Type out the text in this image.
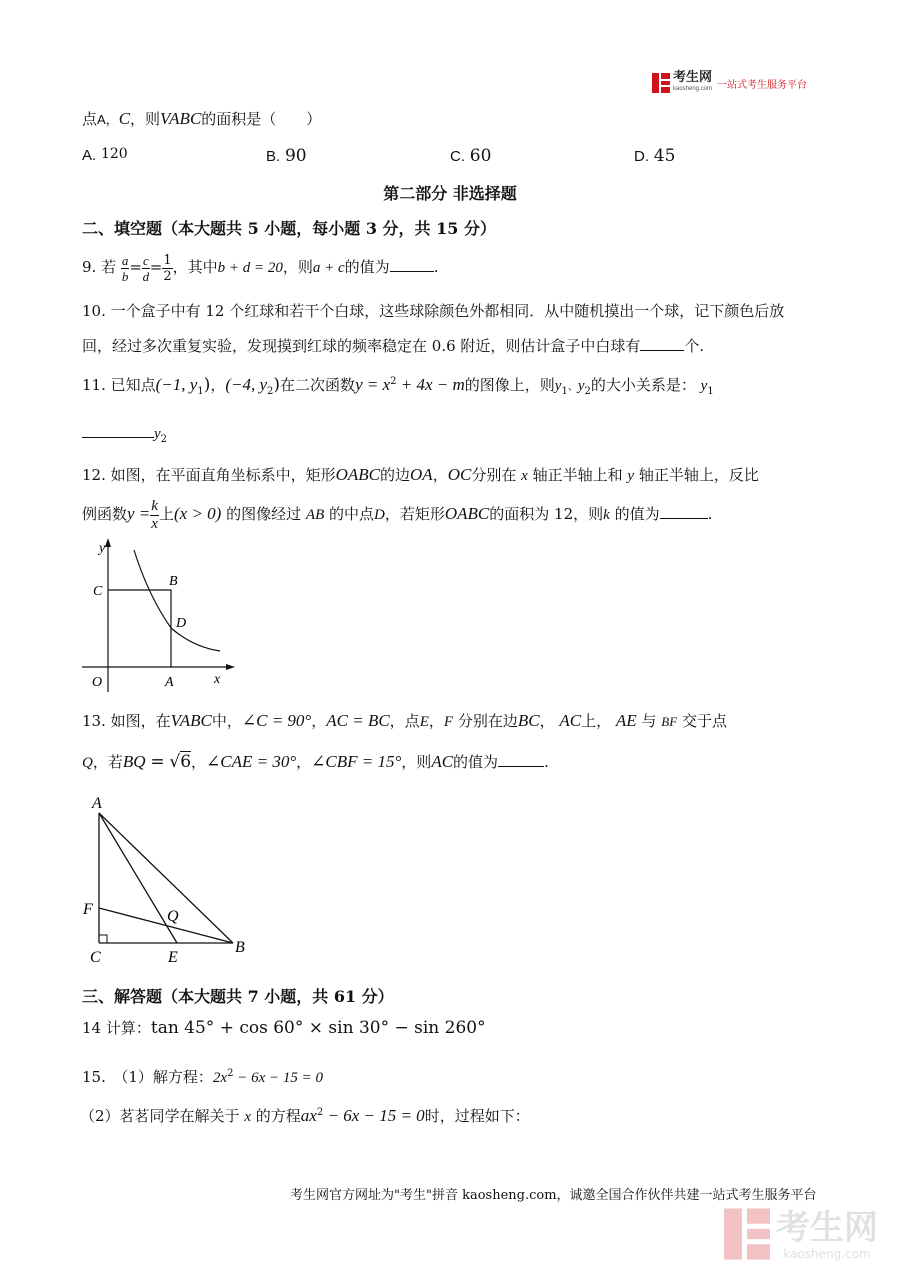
考生网
kaosheng.com 一站式考生服务平台
点A，C，则VABC的面积是（　　）
A. 120	B. 90	C. 60	D. 45
第二部分 非选择题
二、填空题（本大题共 5 小题，每小题 3 分，共 15 分）
9. 若 $\frac{a}{b} = \frac{c}{d} = \frac{1}{2}$ ，其中b + d = 20，则a + c的值为	.
10. 一个盒子中有 12 个红球和若干个白球，这些球除颜色外都相同．从中随机摸出一个球，记下颜色后放
回，经过多次重复实验，发现摸到红球的频率稳定在 0.6 附近，则估计盒子中白球有	个.
11. 已知点(−1, $y_1$)，(−4, $y_2$)在二次函数$y = x^2 + 4x - m$的图像上，则$y_1$、$y_2$的大小关系是： $y_1$
$y_2$
12. 如图，在平面直角坐标系中，矩形OABC的边OA，OC分别在 x 轴正半轴上和 y 轴正半轴上，反比
例函数$y = \frac{k}{x}$ 上(x > 0) 的图像经过 AB 的中点D，若矩形OABC的面积为 12，则k 的值为	.
y
x
O	A
B
C
D
13. 如图，在VABC中，∠C = 90°，AC = BC，点E，F 分别在边BC， AC上， AE 与 BF 交于点
Q，若BQ = √6，∠CAE = 30°，∠CBF = 15°，则AC的值为	.
A
B
C	E
F	Q
三、解答题（本大题共 7 小题，共 61 分）
14 计算：tan 45° + cos 60° × sin 30° − sin 260°
15.　 （1）解方程：$2x^2 - 6x - 15 = 0$
（2）茗茗同学在解关于 x 的方程$ax^2 - 6x - 15 = 0$时，过程如下：
考生网官方网址为"考生"拼音 kaosheng.com，诚邀全国合作伙伴共建一站式考生服务平台
考生网
kaosheng.com
